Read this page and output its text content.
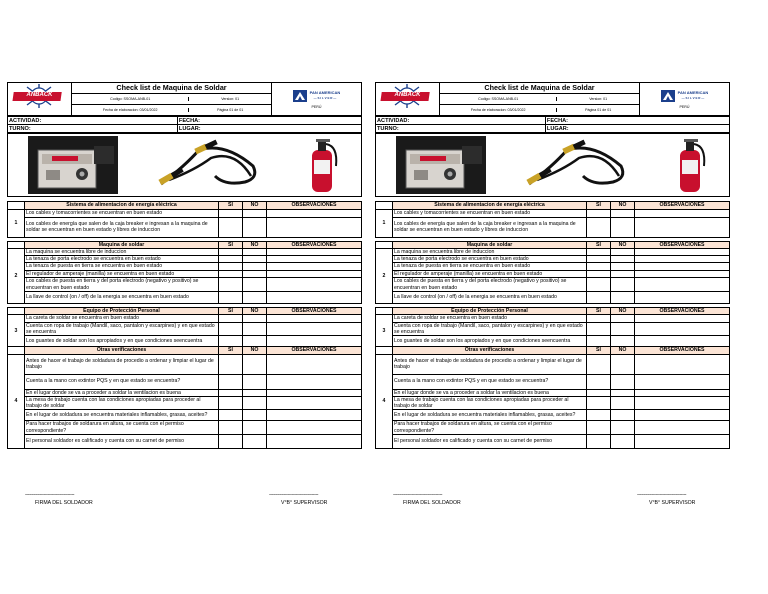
ANBACK
	Check list de Maquina de Soldar	
PAN AMERICAN
— S I L V E R —
PERÚ

Codigo: SSOMA-ANB-01	Version: 01

Fecha de elaboracion: 03/01/2022	Página 01 de 01
ACTIVIDAD:	FECHA:
TURNO:	LUGAR:
	Sistema de alimentacion de energía eléctrica	SI	NO	OBSERVACIONES
1	Los cables y tomacorrientes se encuentran en buen estado			
	Los cables de energía que salen de la caja breaker e ingresan a la maquina de soldar se encuentran en buen estado y libres de induccion			

	Maquina de soldar	SI	NO	OBSERVACIONES
2	La maquina se encuentra libre de induccion			
	La tenaza de porta electrodo se encuentra en buen estado			
	La tenaza de puesta en tierra se encuentra en buen estado			
	El regulador de amperaje (manilla) se encuentra en buen estado			
	Los cables de puesta en tierra y del porta electrodo (negativo y positivo) se encuentran en buen estado			
	La llave de control (on / off) de la energia se encuentra en buen estado			

	Equipo de Protección Personal	SI	NO	OBSERVACIONES
3	La careta de soldar se encuentra en buen estado			
	Cuenta con ropa de trabajo (Mandil, saco, pantalon y escarpines) y en que estado se encuentra			
	Los guantes de soldar son los apropiados y en que condiciones seencuentra			
	Otras verificaciones	SI	NO	OBSERVACIONES
4	Antes de hacer el trabajo de soldadura de procedio a ordenar y limpiar el lugar de trabajo			
	Cuenta a la mano con extintor PQS y en que estado se encuentra?			
	En el lugar donde se va a proceder a soldar la ventilacion es buena			
	La mesa de trabajo cuenta con las condiciones apropiadas para proceder al trabajo de soldar			
	En el lugar de soldadura se encuentra materiales inflamables, grasas, aceites?			
	Para hacer trabajos de soldarura en altura, se cuenta con el permiso correspondiente?			
	El personal soldador es calificado y cuenta con su carnet de permiso			
-------------------------------------
FIRMA DEL SOLDADOR
-------------------------------------
V°B° SUPERVISOR
ANBACK
	Check list de Maquina de Soldar	
PAN AMERICAN
— S I L V E R —
PERÚ

Codigo: SSOMA-ANB-01	Version: 01

Fecha de elaboracion: 03/01/2022	Página 01 de 01
ACTIVIDAD:	FECHA:
TURNO:	LUGAR:
	Sistema de alimentacion de energía eléctrica	SI	NO	OBSERVACIONES
1	Los cables y tomacorrientes se encuentran en buen estado			
	Los cables de energía que salen de la caja breaker e ingresan a la maquina de soldar se encuentran en buen estado y libres de induccion			

	Maquina de soldar	SI	NO	OBSERVACIONES
2	La maquina se encuentra libre de induccion			
	La tenaza de porta electrodo se encuentra en buen estado			
	La tenaza de puesta en tierra se encuentra en buen estado			
	El regulador de amperaje (manilla) se encuentra en buen estado			
	Los cables de puesta en tierra y del porta electrodo (negativo y positivo) se encuentran en buen estado			
	La llave de control (on / off) de la energia se encuentra en buen estado			

	Equipo de Protección Personal	SI	NO	OBSERVACIONES
3	La careta de soldar se encuentra en buen estado			
	Cuenta con ropa de trabajo (Mandil, saco, pantalon y escarpines) y en que estado se encuentra			
	Los guantes de soldar son los apropiados y en que condiciones seencuentra			
	Otras verificaciones	SI	NO	OBSERVACIONES
4	Antes de hacer el trabajo de soldadura de procedio a ordenar y limpiar el lugar de trabajo			
	Cuenta a la mano con extintor PQS y en que estado se encuentra?			
	En el lugar donde se va a proceder a soldar la ventilacion es buena			
	La mesa de trabajo cuenta con las condiciones apropiadas para proceder al trabajo de soldar			
	En el lugar de soldadura se encuentra materiales inflamables, grasas, aceites?			
	Para hacer trabajos de soldarura en altura, se cuenta con el permiso correspondiente?			
	El personal soldador es calificado y cuenta con su carnet de permiso			
-------------------------------------
FIRMA DEL SOLDADOR
-------------------------------------
V°B° SUPERVISOR
